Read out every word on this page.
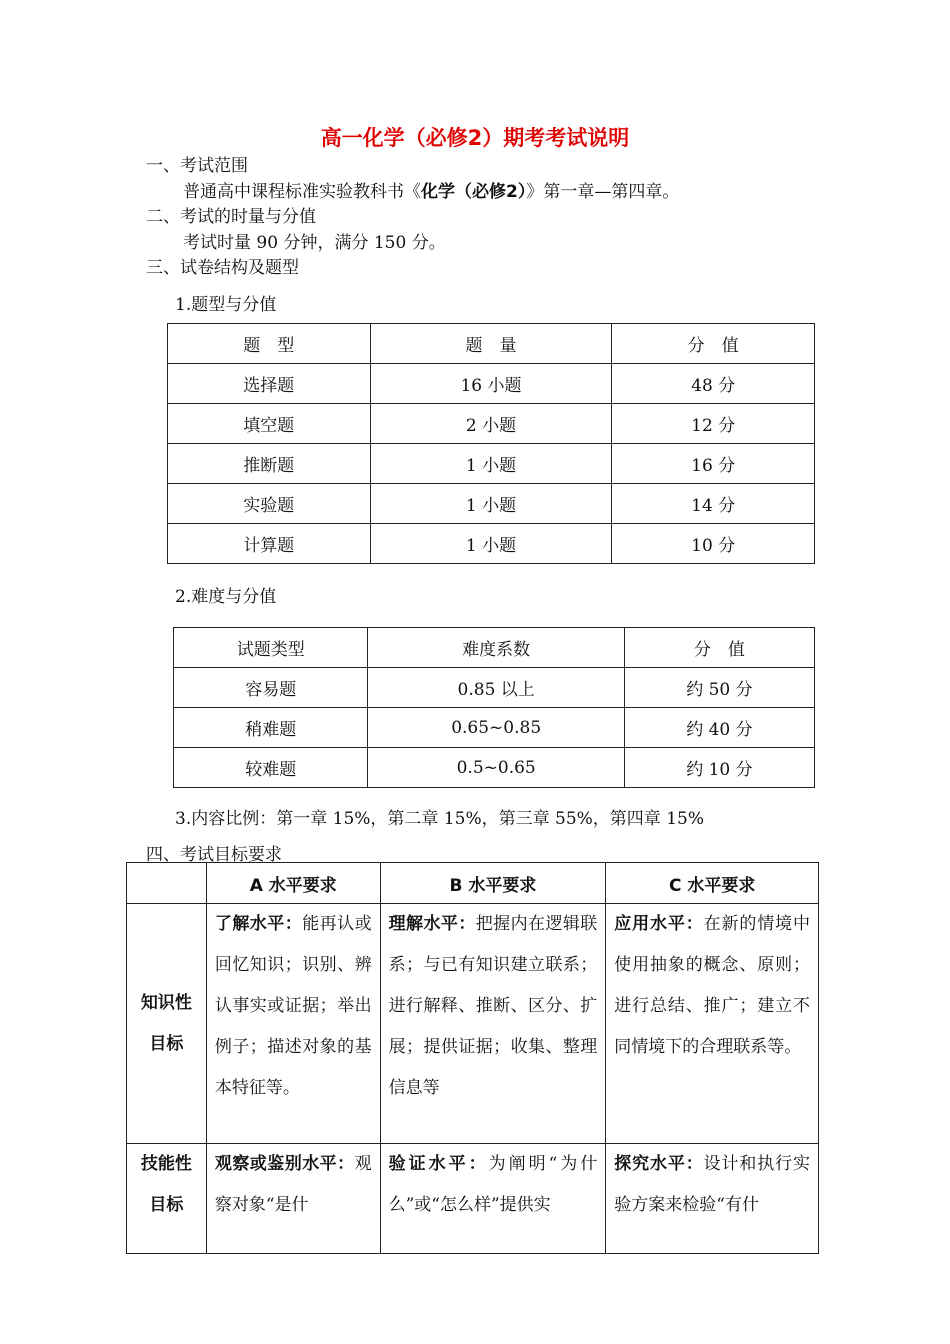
高一化学（必修2）期考考试说明
一、考试范围
普通高中课程标准实验教科书《化学（必修2）》第一章—第四章。
二、考试的时量与分值
考试时量 90 分钟，满分 150 分。
三、试卷结构及题型
1.题型与分值
题　型	题　量	分　值
选择题	16 小题	48 分
填空题	2 小题	12 分
推断题	1 小题	16 分
实验题	1 小题	14 分
计算题	1 小题	10 分
2.难度与分值
试题类型	难度系数	分　值
容易题	0.85 以上	约 50 分
稍难题	0.65~0.85	约 40 分
较难题	0.5~0.65	约 10 分
3.内容比例：第一章 15%，第二章 15%，第三章 55%，第四章 15%
四、考试目标要求
	A 水平要求	B 水平要求	C 水平要求
知识性
目标	了解水平：能再认或回忆知识；识别、辨认事实或证据；举出例子；描述对象的基本特征等。	理解水平：把握内在逻辑联系；与已有知识建立联系；进行解释、推断、区分、扩展；提供证据；收集、整理信息等	应用水平：在新的情境中使用抽象的概念、原则；进行总结、推广；建立不同情境下的合理联系等。
技能性
目标	观察或鉴别水平：观察对象“是什	验证水平：为阐明“为什么”或“怎么样”提供实	探究水平：设计和执行实验方案来检验“有什
